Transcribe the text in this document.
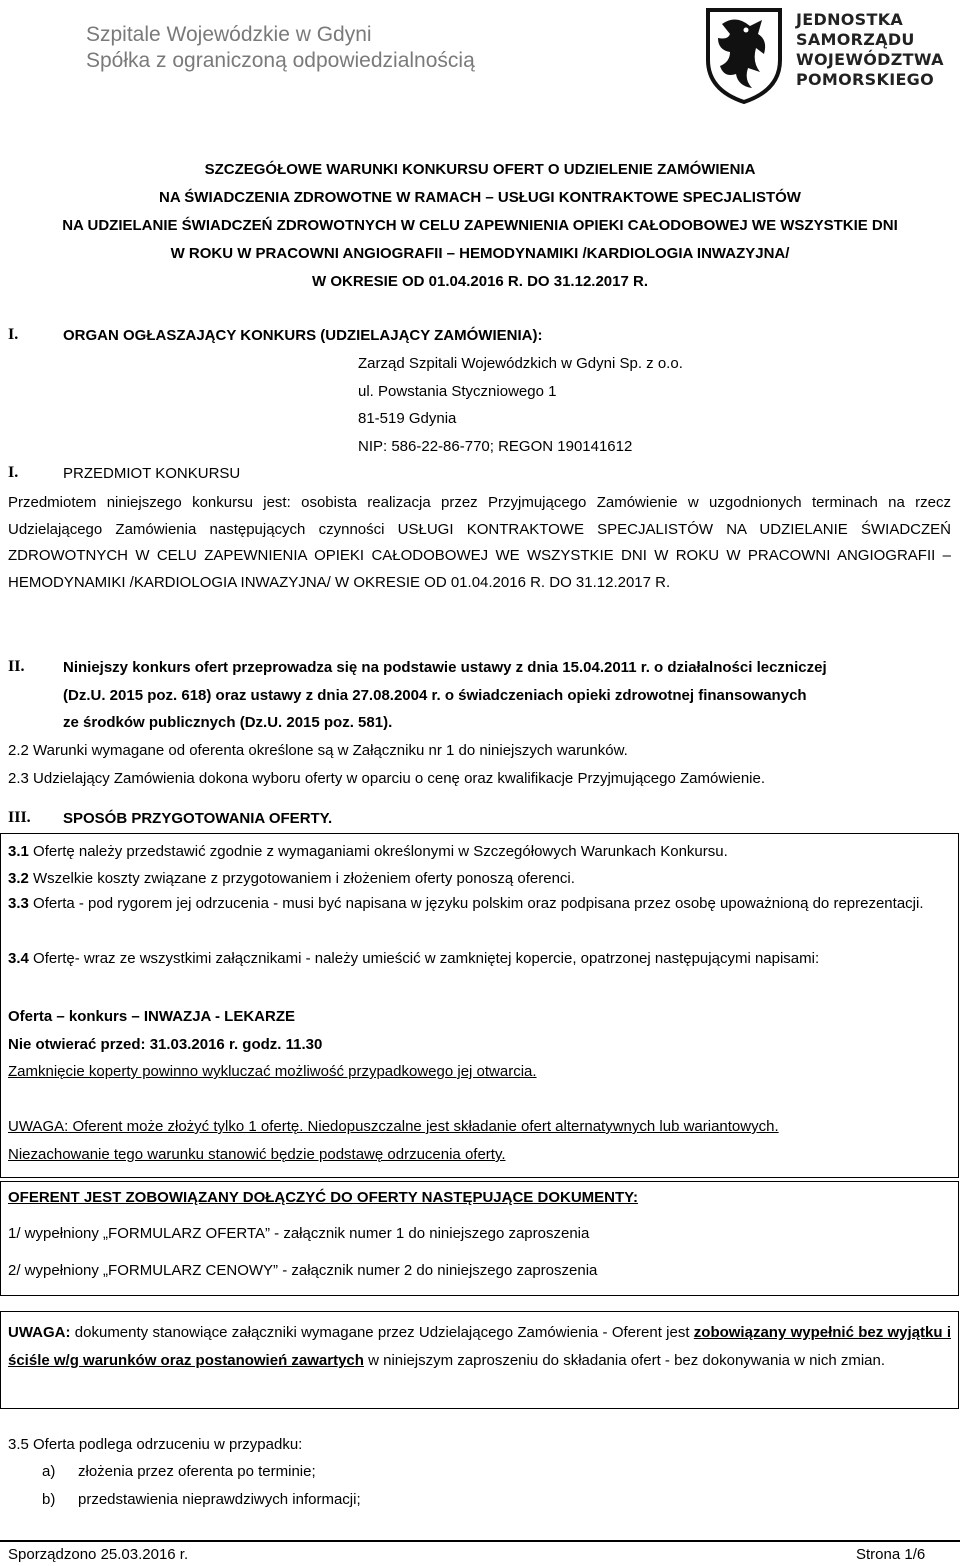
Szpitale Wojewódzkie w Gdyni
Spółka z ograniczoną odpowiedzialnością
JEDNOSTKA
SAMORZĄDU
WOJEWÓDZTWA
POMORSKIEGO
SZCZEGÓŁOWE WARUNKI KONKURSU OFERT O UDZIELENIE ZAMÓWIENIA
NA ŚWIADCZENIA ZDROWOTNE W RAMACH – USŁUGI KONTRAKTOWE SPECJALISTÓW
NA UDZIELANIE ŚWIADCZEŃ ZDROWOTNYCH W CELU ZAPEWNIENIA OPIEKI CAŁODOBOWEJ WE WSZYSTKIE DNI
W ROKU W PRACOWNI ANGIOGRAFII – HEMODYNAMIKI /KARDIOLOGIA INWAZYJNA/
W OKRESIE OD 01.04.2016 R. DO 31.12.2017 R.
I.	ORGAN OGŁASZAJĄCY KONKURS (UDZIELAJĄCY ZAMÓWIENIA):
Zarząd Szpitali Wojewódzkich w Gdyni Sp. z o.o.
ul. Powstania Styczniowego 1
81-519 Gdynia
NIP: 586-22-86-770; REGON 190141612
I.	PRZEDMIOT KONKURSU
Przedmiotem niniejszego konkursu jest: osobista realizacja przez Przyjmującego Zamówienie w uzgodnionych terminach na rzecz Udzielającego Zamówienia następujących czynności USŁUGI KONTRAKTOWE SPECJALISTÓW NA UDZIELANIE ŚWIADCZEŃ ZDROWOTNYCH W CELU ZAPEWNIENIA OPIEKI CAŁODOBOWEJ WE WSZYSTKIE DNI W ROKU W PRACOWNI ANGIOGRAFII – HEMODYNAMIKI /KARDIOLOGIA INWAZYJNA/ W OKRESIE OD 01.04.2016 R. DO 31.12.2017 R.
II.	Niniejszy konkurs ofert przeprowadza się na podstawie ustawy z dnia 15.04.2011 r. o działalności leczniczej
(Dz.U. 2015 poz. 618) oraz ustawy z dnia 27.08.2004 r. o świadczeniach opieki zdrowotnej finansowanych
ze środków publicznych (Dz.U. 2015 poz. 581).
2.2 Warunki wymagane od oferenta określone są w Załączniku nr 1 do niniejszych warunków.
2.3 Udzielający Zamówienia dokona wyboru oferty w oparciu o cenę oraz kwalifikacje Przyjmującego Zamówienie.
III. SPOSÓB PRZYGOTOWANIA OFERTY.
3.1 Ofertę należy przedstawić zgodnie z wymaganiami określonymi w Szczegółowych Warunkach Konkursu.
3.2 Wszelkie koszty związane z przygotowaniem i złożeniem oferty ponoszą oferenci.
3.3 Oferta - pod rygorem jej odrzucenia - musi być napisana w języku polskim oraz podpisana przez osobę upoważnioną do reprezentacji.
3.4 Ofertę- wraz ze wszystkimi załącznikami - należy umieścić w zamkniętej kopercie, opatrzonej następującymi napisami:
Oferta – konkurs – INWAZJA - LEKARZE
Nie otwierać przed: 31.03.2016 r. godz. 11.30
Zamknięcie koperty powinno wykluczać możliwość przypadkowego jej otwarcia.
UWAGA: Oferent może złożyć tylko 1 ofertę. Niedopuszczalne jest składanie ofert alternatywnych lub wariantowych.
Niezachowanie tego warunku stanowić będzie podstawę odrzucenia oferty.
OFERENT JEST ZOBOWIĄZANY DOŁĄCZYĆ DO OFERTY NASTĘPUJĄCE DOKUMENTY:
1/ wypełniony „FORMULARZ OFERTA” - załącznik numer 1 do niniejszego zaproszenia
2/ wypełniony „FORMULARZ CENOWY” - załącznik numer 2 do niniejszego zaproszenia
UWAGA: dokumenty stanowiące załączniki wymagane przez Udzielającego Zamówienia - Oferent jest zobowiązany wypełnić bez wyjątku i ściśle w/g warunków oraz postanowień zawartych w niniejszym zaproszeniu do składania ofert - bez dokonywania w nich zmian.
3.5 Oferta podlega odrzuceniu w przypadku:
a) złożenia przez oferenta po terminie;
b) przedstawienia nieprawdziwych informacji;
Sporządzono 25.03.2016 r.	Strona 1/6
